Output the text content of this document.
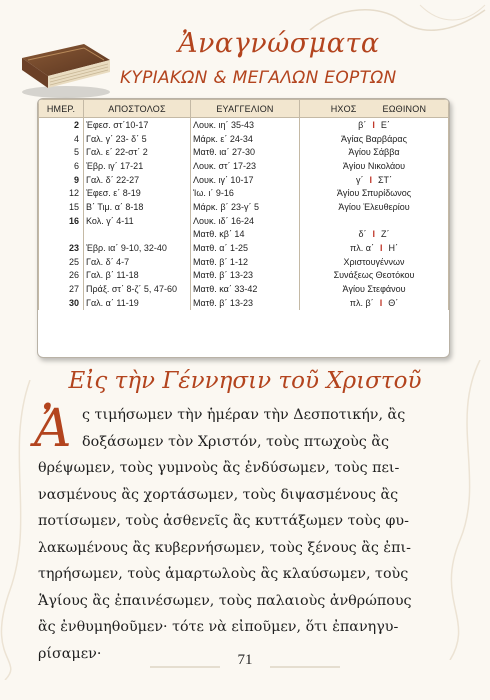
Ἀναγνώσματα
ΚΥΡΙΑΚΩΝ & ΜΕΓΑΛΩΝ ΕΟΡΤΩΝ
ΗΜΕΡ.	ΑΠΟΣΤΟΛΟΣ	ΕΥΑΓΓΕΛΙΟΝ	ΗΧΟΣ ΕΩΘΙΝΟΝ
2	Ἐφεσ. στ΄10-17	Λουκ. ιη΄ 35-43	β΄ I Ε΄
4	Γαλ. γ΄ 23- δ΄ 5	Μάρκ. ε΄ 24-34	Ἁγίας Βαρβάρας
5	Γαλ. ε΄ 22-στ΄ 2	Ματθ. ια΄ 27-30	Ἁγίου Σάββα
6	Ἑβρ. ιγ΄ 17-21	Λουκ. στ΄ 17-23	Ἁγίου Νικολάου
9	Γαλ. δ΄ 22-27	Λουκ. ιγ΄ 10-17	γ΄ I ΣΤ΄
12	Ἐφεσ. ε΄ 8-19	Ἰω. ι΄ 9-16	Ἁγίου Σπυρίδωνος
15	Β΄ Τιμ. α΄ 8-18	Μάρκ. β΄ 23-γ΄ 5	Ἁγίου Ἐλευθερίου
16	Κολ. γ΄ 4-11	Λουκ. ιδ΄ 16-24	
		Ματθ. κβ΄ 14	δ΄ I Ζ΄
23	Ἑβρ. ια΄ 9-10, 32-40	Ματθ. α΄ 1-25	πλ. α΄ I Η΄
25	Γαλ. δ΄ 4-7	Ματθ. β΄ 1-12	Χριστουγέννων
26	Γαλ. β΄ 11-18	Ματθ. β΄ 13-23	Συνάξεως Θεοτόκου
27	Πράξ. στ΄ 8-ζ΄ 5, 47-60	Ματθ. κα΄ 33-42	Ἁγίου Στεφάνου
30	Γαλ. α΄ 11-19	Ματθ. β΄ 13-23	πλ. β΄ I Θ΄
Εἰς τὴν Γέννησιν τοῦ Χριστοῦ
Ἀ ς τιμήσωμεν τὴν ἡμέραν τὴν Δεσποτικήν, ἂς
δοξάσωμεν τὸν Χριστόν, τοὺς πτωχοὺς ἂς
θρέψωμεν, τοὺς γυμνοὺς ἂς ἐνδύσωμεν, τοὺς πει-
νασμένους ἂς χορτάσωμεν, τοὺς διψασμένους ἂς
ποτίσωμεν, τοὺς ἀσθενεῖς ἂς κυττάξωμεν τοὺς φυ-
λακωμένους ἂς κυβερνήσωμεν, τοὺς ξένους ἂς ἐπι-
τηρήσωμεν, τοὺς ἁμαρτωλοὺς ἂς κλαύσωμεν, τοὺς
Ἁγίους ἂς ἐπαινέσωμεν, τοὺς παλαιοὺς ἀνθρώπους
ἂς ἐνθυμηθοῦμεν· τότε νὰ εἰποῦμεν, ὅτι ἐπανηγυ-
ρίσαμεν·	71
